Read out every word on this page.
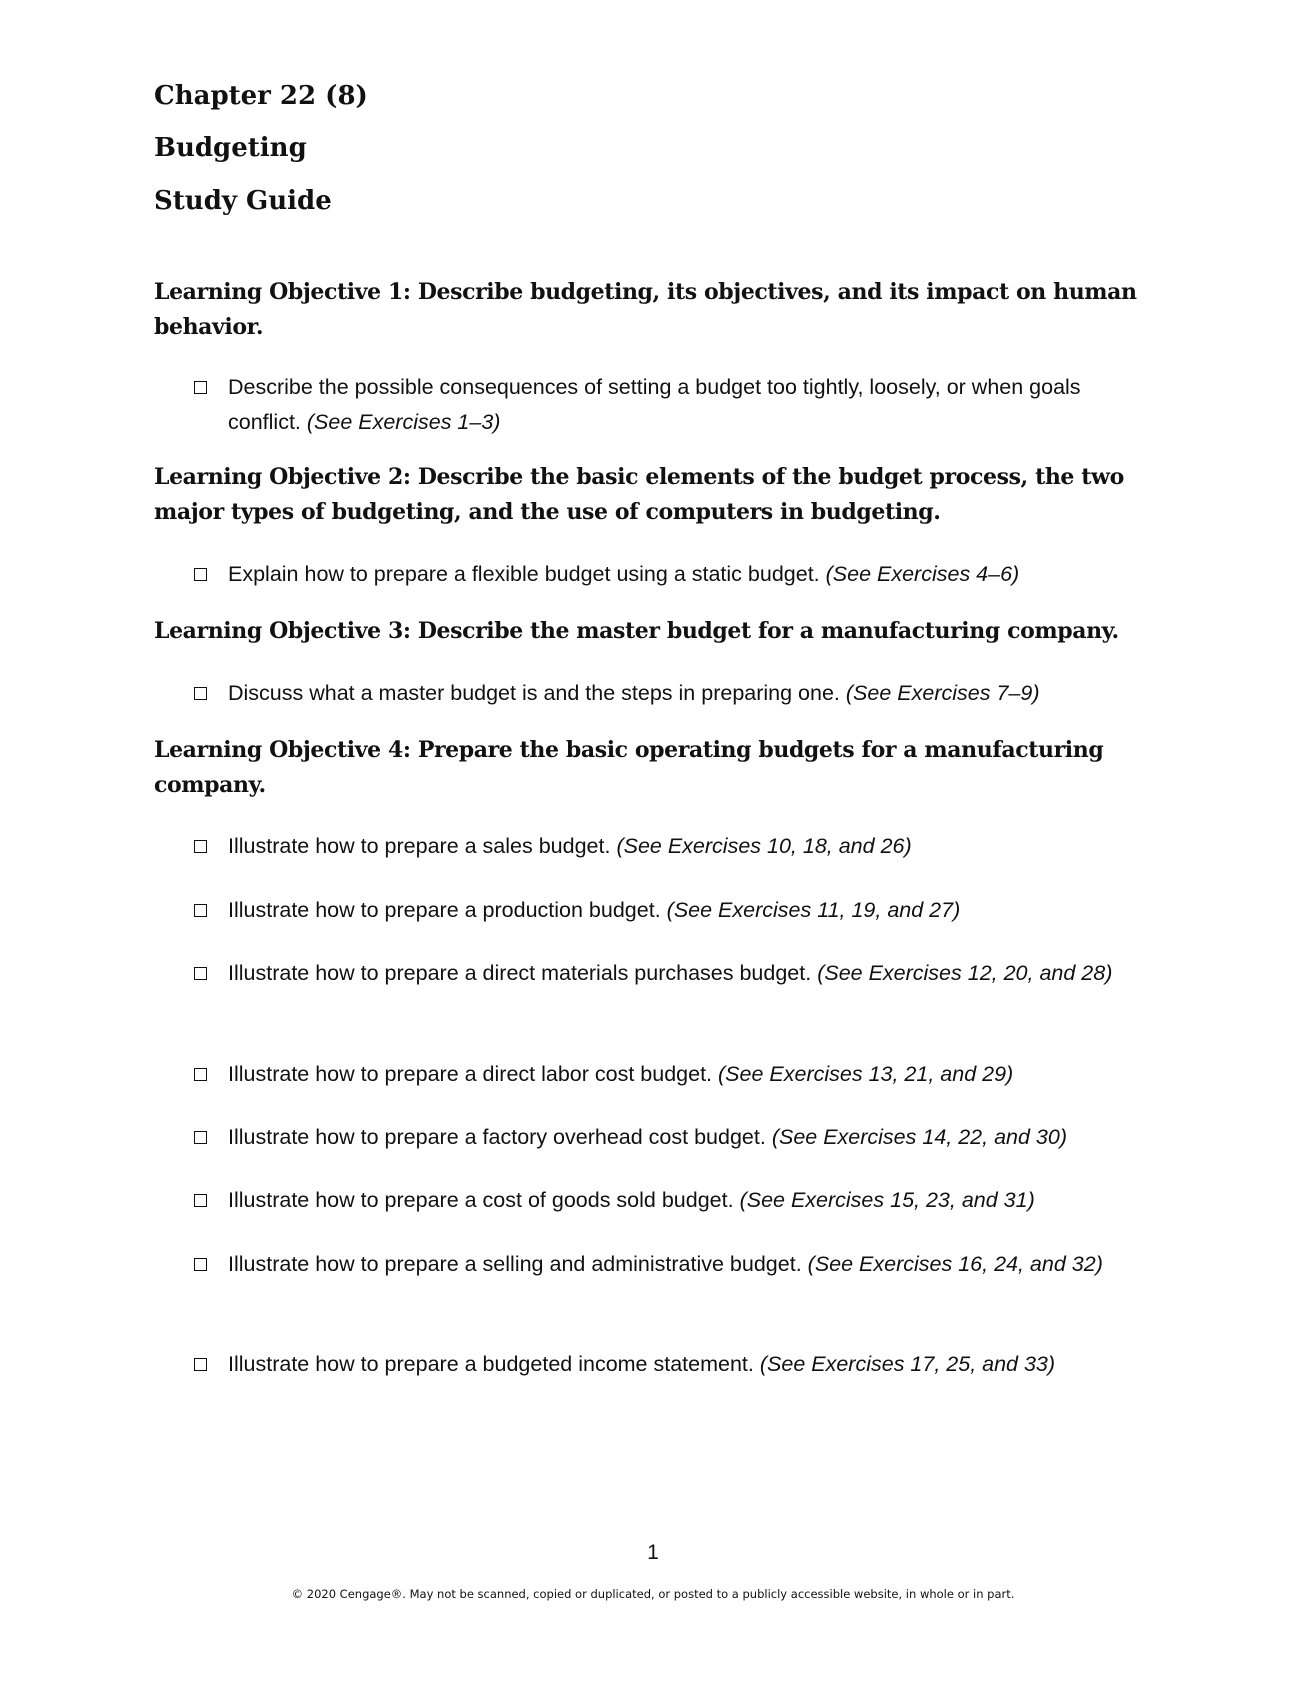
Chapter 22 (8)
Budgeting
Study Guide

Learning Objective 1: Describe budgeting, its objectives, and its impact on human behavior.

Describe the possible consequences of setting a budget too tightly, loosely, or when goals conflict. (See Exercises 1–3)

Learning Objective 2: Describe the basic elements of the budget process, the two major types of budgeting, and the use of computers in budgeting.

Explain how to prepare a flexible budget using a static budget. (See Exercises 4–6)

Learning Objective 3: Describe the master budget for a manufacturing company.

Discuss what a master budget is and the steps in preparing one. (See Exercises 7–9)

Learning Objective 4: Prepare the basic operating budgets for a manufacturing company.

Illustrate how to prepare a sales budget. (See Exercises 10, 18, and 26)
Illustrate how to prepare a production budget. (See Exercises 11, 19, and 27)
Illustrate how to prepare a direct materials purchases budget. (See Exercises 12, 20, and 28)
Illustrate how to prepare a direct labor cost budget. (See Exercises 13, 21, and 29)
Illustrate how to prepare a factory overhead cost budget. (See Exercises 14, 22, and 30)
Illustrate how to prepare a cost of goods sold budget. (See Exercises 15, 23, and 31)
Illustrate how to prepare a selling and administrative budget. (See Exercises 16, 24, and 32)
Illustrate how to prepare a budgeted income statement. (See Exercises 17, 25, and 33)

1

© 2020 Cengage®. May not be scanned, copied or duplicated, or posted to a publicly accessible website, in whole or in part.
